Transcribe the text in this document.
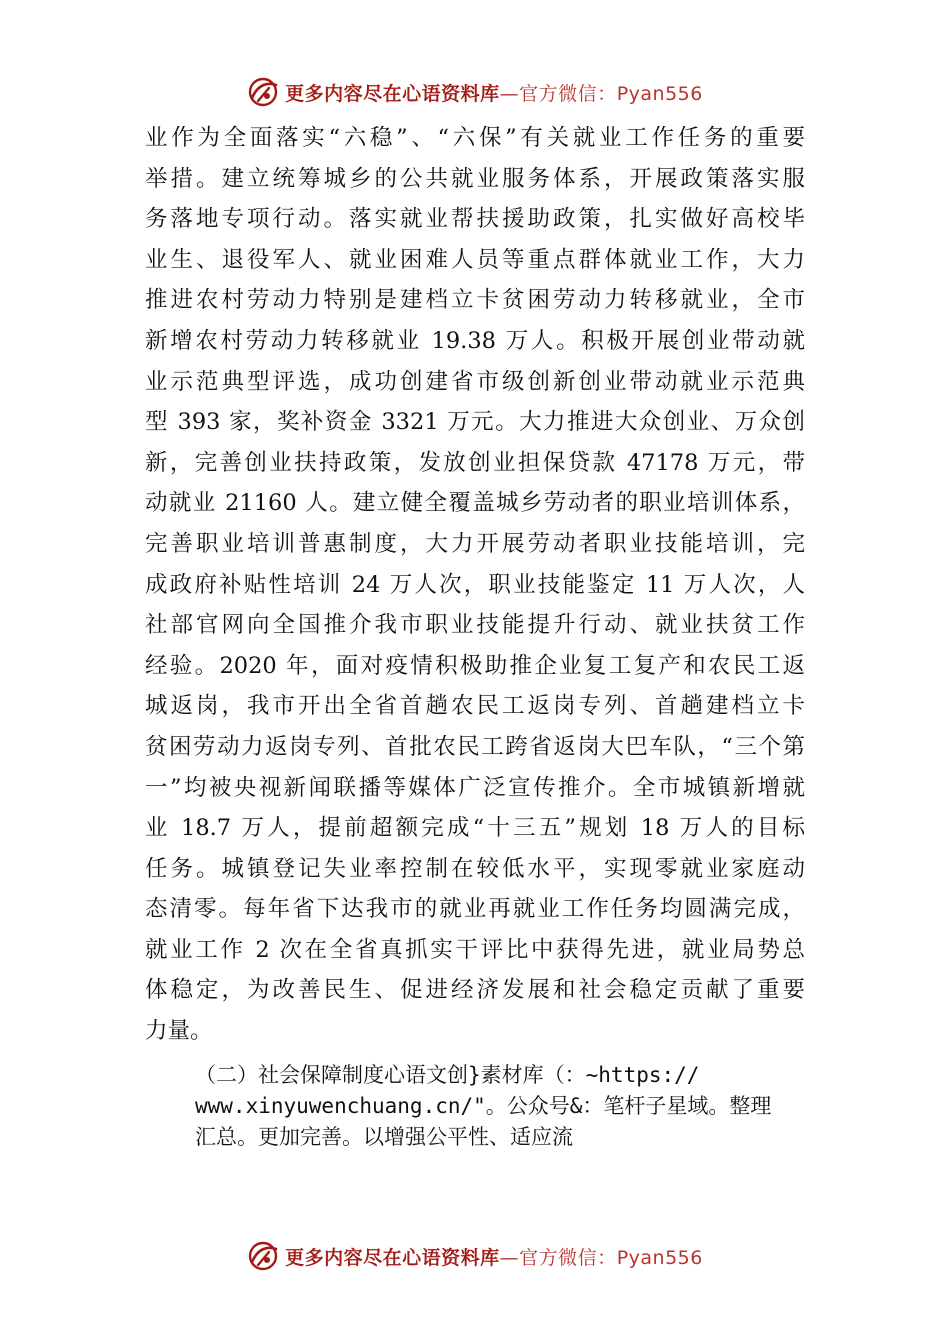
更多内容尽在心语资料库—官方微信：Pyan556
业作为全面落实“六稳”、“六保”有关就业工作任务的重要
举措。建立统筹城乡的公共就业服务体系，开展政策落实服
务落地专项行动。落实就业帮扶援助政策，扎实做好高校毕
业生、退役军人、就业困难人员等重点群体就业工作，大力
推进农村劳动力特别是建档立卡贫困劳动力转移就业，全市
新增农村劳动力转移就业 19.38 万人。积极开展创业带动就
业示范典型评选，成功创建省市级创新创业带动就业示范典
型 393 家，奖补资金 3321 万元。大力推进大众创业、万众创
新，完善创业扶持政策，发放创业担保贷款 47178 万元，带
动就业 21160 人。建立健全覆盖城乡劳动者的职业培训体系，
完善职业培训普惠制度，大力开展劳动者职业技能培训，完
成政府补贴性培训 24 万人次，职业技能鉴定 11 万人次，人
社部官网向全国推介我市职业技能提升行动、就业扶贫工作
经验。2020 年，面对疫情积极助推企业复工复产和农民工返
城返岗，我市开出全省首趟农民工返岗专列、首趟建档立卡
贫困劳动力返岗专列、首批农民工跨省返岗大巴车队，“三个第
一”均被央视新闻联播等媒体广泛宣传推介。全市城镇新增就
业 18.7 万人，提前超额完成“十三五”规划 18 万人的目标
任务。城镇登记失业率控制在较低水平，实现零就业家庭动
态清零。每年省下达我市的就业再就业工作任务均圆满完成，
就业工作 2 次在全省真抓实干评比中获得先进，就业局势总
体稳定，为改善民生、促进经济发展和社会稳定贡献了重要
力量。
（二）社会保障制度心语文创}素材库（：~https://
www.xinyuwenchuang.cn/"。公众号&：笔杆子星域。整理
汇总。更加完善。以增强公平性、适应流
更多内容尽在心语资料库—官方微信：Pyan556
